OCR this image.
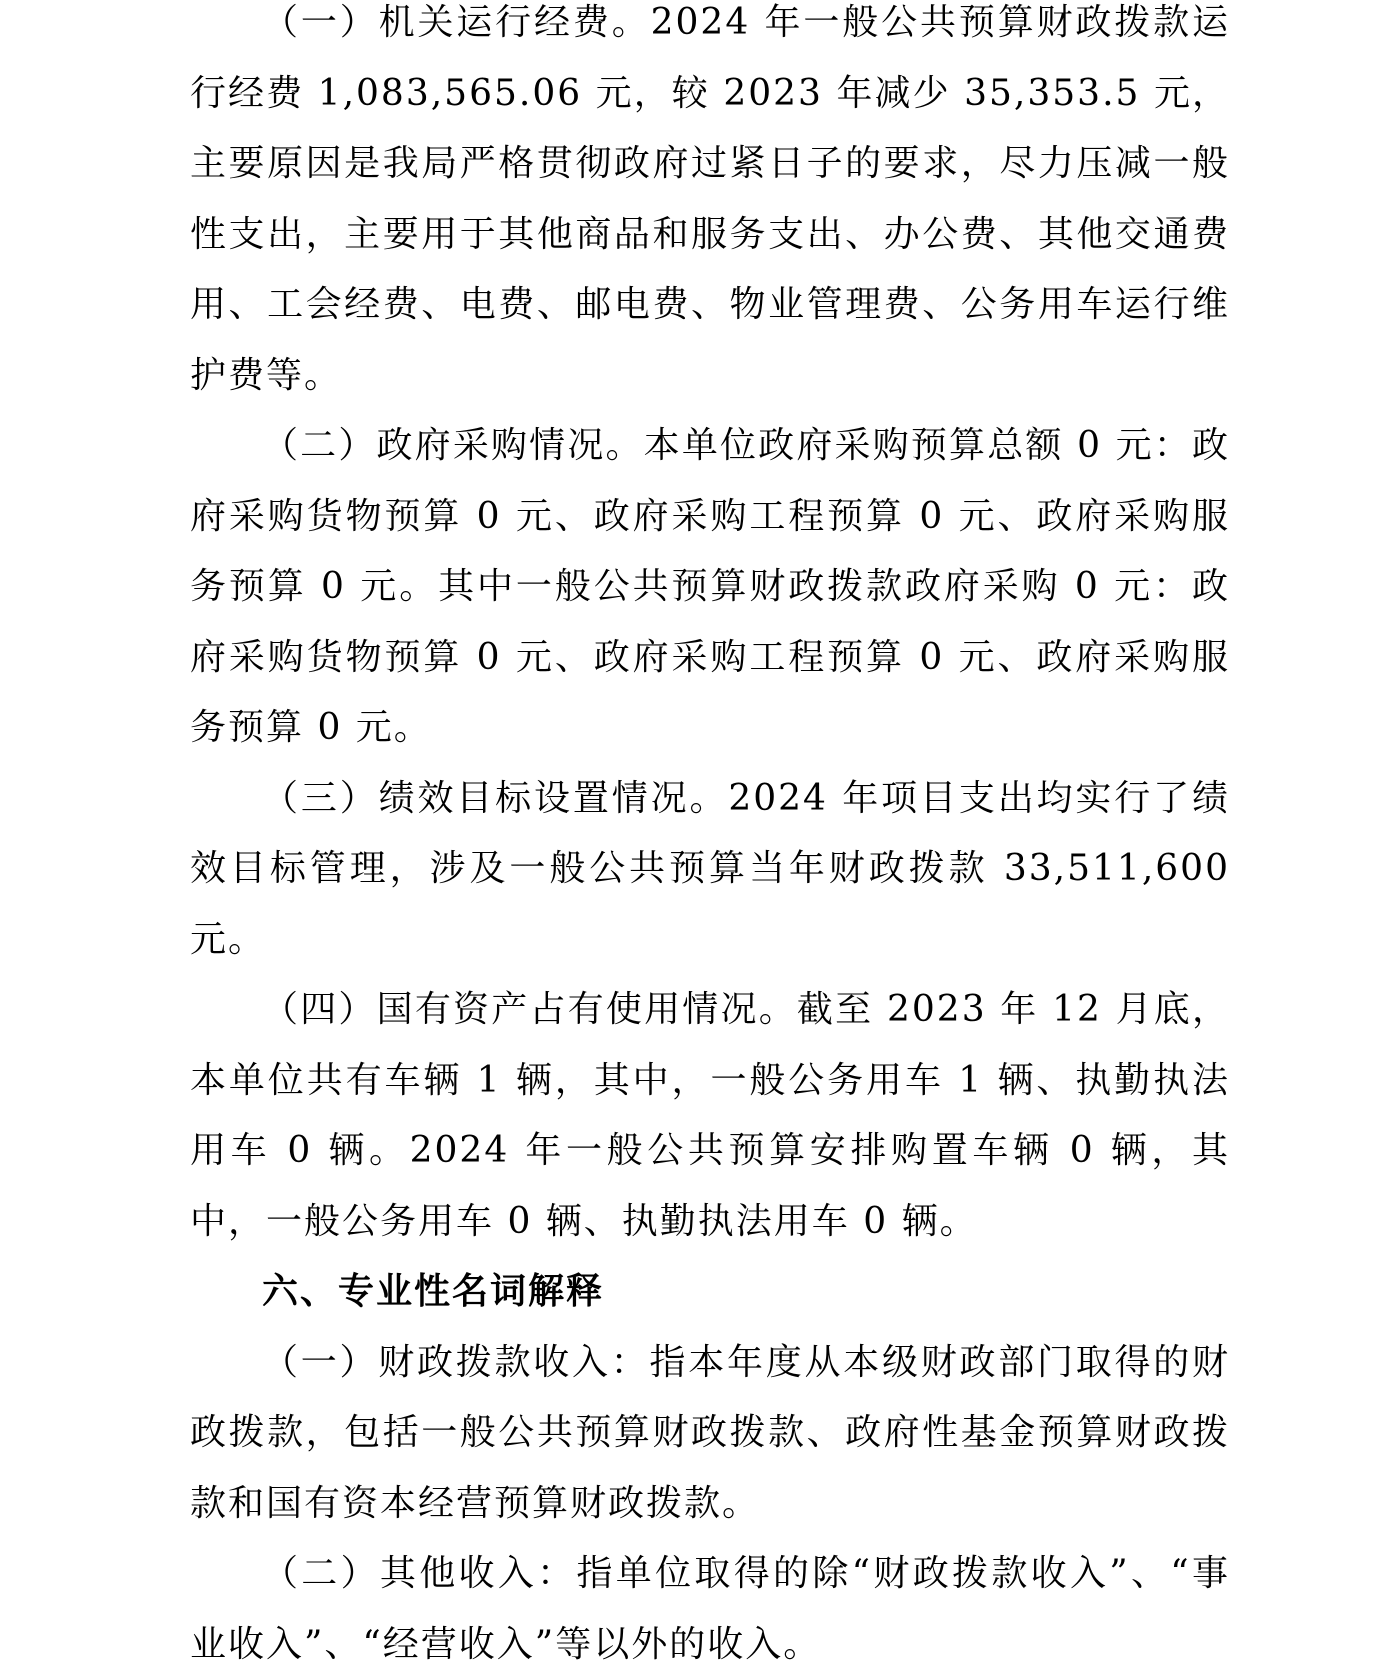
（一）机关运行经费。2024 年一般公共预算财政拨款运行经费 1,083,565.06 元，较 2023 年减少 35,353.5 元，主要原因是我局严格贯彻政府过紧日子的要求，尽力压减一般性支出，主要用于其他商品和服务支出、办公费、其他交通费用、工会经费、电费、邮电费、物业管理费、公务用车运行维护费等。

（二）政府采购情况。本单位政府采购预算总额 0 元：政府采购货物预算 0 元、政府采购工程预算 0 元、政府采购服务预算 0 元。其中一般公共预算财政拨款政府采购 0 元：政府采购货物预算 0 元、政府采购工程预算 0 元、政府采购服务预算 0 元。

（三）绩效目标设置情况。2024 年项目支出均实行了绩效目标管理，涉及一般公共预算当年财政拨款 33,511,600 元。

（四）国有资产占有使用情况。截至 2023 年 12 月底，本单位共有车辆 1 辆，其中，一般公务用车 1 辆、执勤执法用车 0 辆。2024 年一般公共预算安排购置车辆 0 辆，其中，一般公务用车 0 辆、执勤执法用车 0 辆。

六、专业性名词解释

（一）财政拨款收入：指本年度从本级财政部门取得的财政拨款，包括一般公共预算财政拨款、政府性基金预算财政拨款和国有资本经营预算财政拨款。

（二）其他收入：指单位取得的除“财政拨款收入”、“事业收入”、“经营收入”等以外的收入。
